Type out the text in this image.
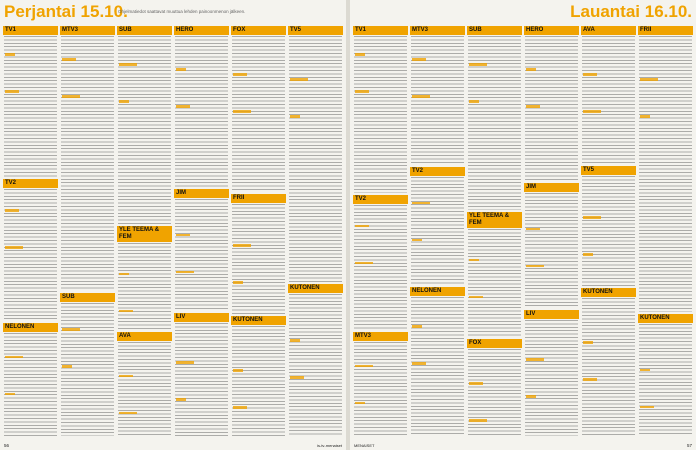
Perjantai 15.10.
Ohjelmatiedot saattavat muuttua lehden painoonmenon jälkeen.
TV1
TV2
NELONEN
MTV3
SUB
SUB
YLE TEEMA & FEM
AVA
HERO
JIM
LIV
FOX
FRII
KUTONEN
TV5
KUTONEN
56	is-tv-menaiset
Lauantai 16.10.
TV1
TV2
MTV3
MTV3
TV2
NELONEN
SUB
YLE TEEMA & FEM
FOX
HERO
JIM
LIV
AVA
TV5
KUTONEN
FRII
KUTONEN
57
MENAISET
